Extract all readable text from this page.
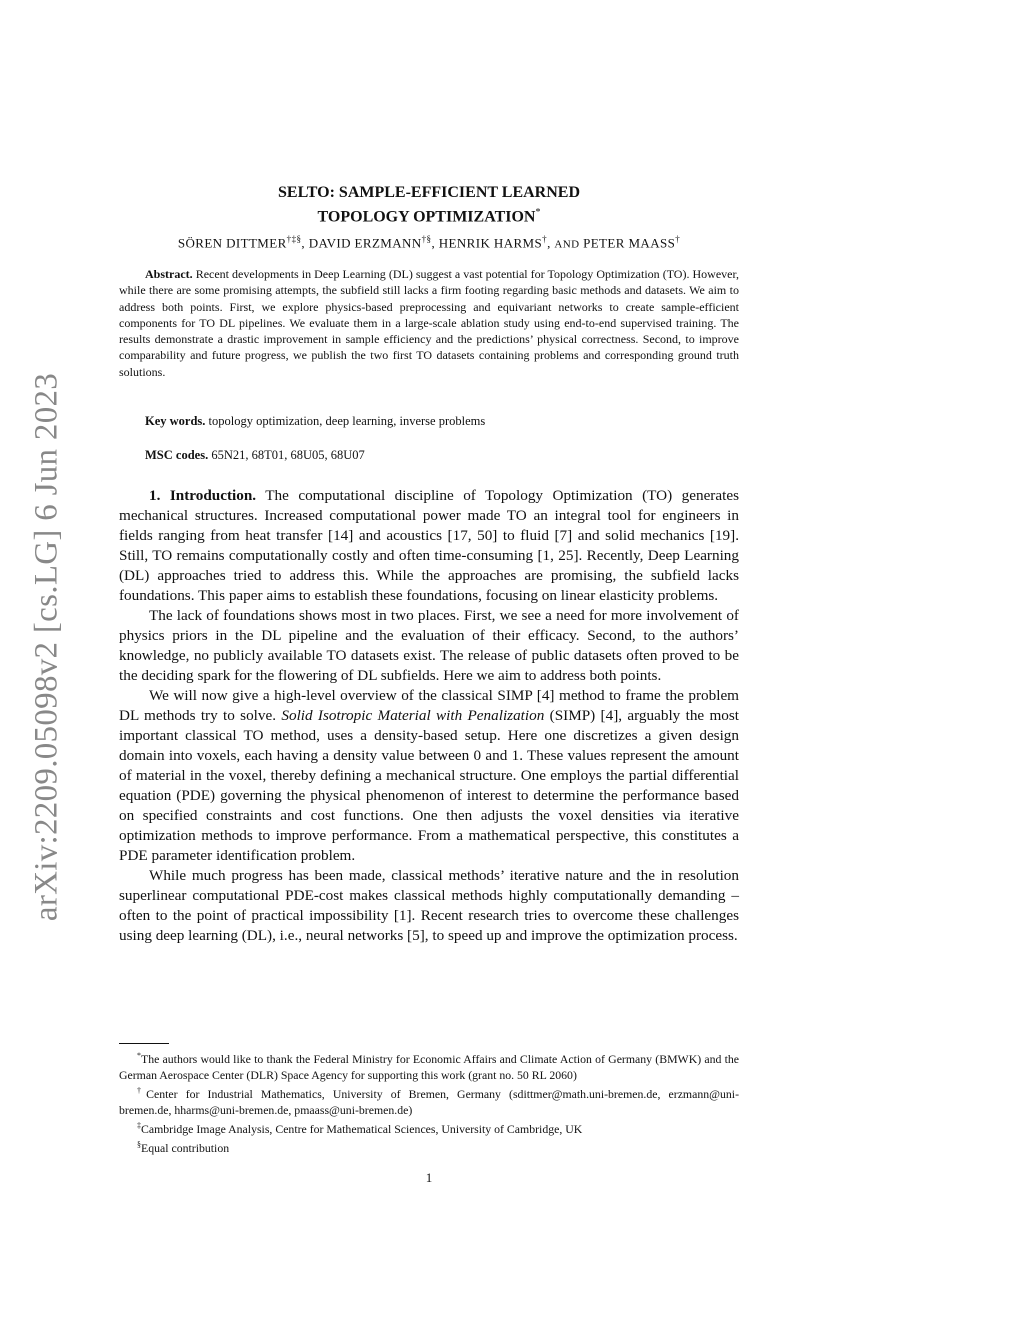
arXiv:2209.05098v2 [cs.LG] 6 Jun 2023
SELTO: SAMPLE-EFFICIENT LEARNED
TOPOLOGY OPTIMIZATION*
SÖREN DITTMER†‡§, DAVID ERZMANN†§, HENRIK HARMS†, AND PETER MAASS†

Abstract. Recent developments in Deep Learning (DL) suggest a vast potential for Topology Optimization (TO). However, while there are some promising attempts, the subfield still lacks a firm footing regarding basic methods and datasets. We aim to address both points. First, we explore physics-based preprocessing and equivariant networks to create sample-efficient components for TO DL pipelines. We evaluate them in a large-scale ablation study using end-to-end supervised training. The results demonstrate a drastic improvement in sample efficiency and the predictions’ physical correctness. Second, to improve comparability and future progress, we publish the two first TO datasets containing problems and corresponding ground truth solutions.

Key words. topology optimization, deep learning, inverse problems
MSC codes. 65N21, 68T01, 68U05, 68U07

1. Introduction. The computational discipline of Topology Optimization (TO) generates mechanical structures. Increased computational power made TO an integral tool for engineers in fields ranging from heat transfer [14] and acoustics [17, 50] to fluid [7] and solid mechanics [19]. Still, TO remains computationally costly and often time-consuming [1, 25]. Recently, Deep Learning (DL) approaches tried to address this. While the approaches are promising, the subfield lacks foundations. This paper aims to establish these foundations, focusing on linear elasticity problems.

The lack of foundations shows most in two places. First, we see a need for more involvement of physics priors in the DL pipeline and the evaluation of their efficacy. Second, to the authors’ knowledge, no publicly available TO datasets exist. The release of public datasets often proved to be the deciding spark for the flowering of DL subfields. Here we aim to address both points.

We will now give a high-level overview of the classical SIMP [4] method to frame the problem DL methods try to solve. Solid Isotropic Material with Penalization (SIMP) [4], arguably the most important classical TO method, uses a density-based setup. Here one discretizes a given design domain into voxels, each having a density value between 0 and 1. These values represent the amount of material in the voxel, thereby defining a mechanical structure. One employs the partial differential equation (PDE) governing the physical phenomenon of interest to determine the performance based on specified constraints and cost functions. One then adjusts the voxel densities via iterative optimization methods to improve performance. From a mathematical perspective, this constitutes a PDE parameter identification problem.

While much progress has been made, classical methods’ iterative nature and the in resolution superlinear computational PDE-cost makes classical methods highly computationally demanding – often to the point of practical impossibility [1]. Recent research tries to overcome these challenges using deep learning (DL), i.e., neural networks [5], to speed up and improve the optimization process.

*The authors would like to thank the Federal Ministry for Economic Affairs and Climate Action of Germany (BMWK) and the German Aerospace Center (DLR) Space Agency for supporting this work (grant no. 50 RL 2060)

†Center for Industrial Mathematics, University of Bremen, Germany (sdittmer@math.uni-bremen.de, erzmann@uni-bremen.de, hharms@uni-bremen.de, pmaass@uni-bremen.de)

‡Cambridge Image Analysis, Centre for Mathematical Sciences, University of Cambridge, UK

§Equal contribution

1
